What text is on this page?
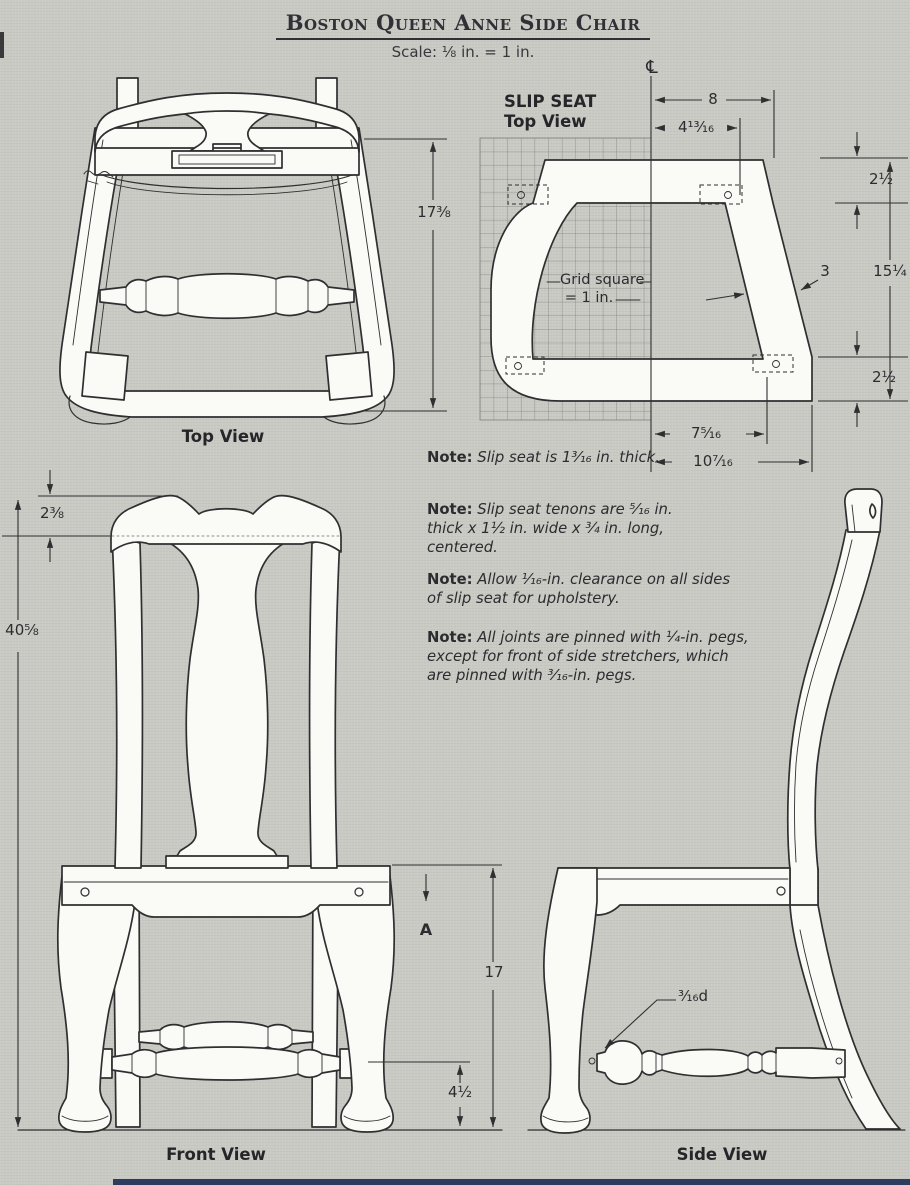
Boston Queen Anne Side Chair
Scale: ⅛ in. = 1 in.
Top View
17⅜
SLIP SEAT
Top View
℄
8
4¹³⁄₁₆
2½
3	15¼
2½
7⁵⁄₁₆
10⁷⁄₁₆
Grid square
= 1 in.
Note: Slip seat is 1³⁄₁₆ in. thick.
Note: Slip seat tenons are ⁵⁄₁₆ in. thick x 1½ in. wide x ¾ in. long, centered.
Note: Allow ¹⁄₁₆-in. clearance on all sides of slip seat for upholstery.
Note: All joints are pinned with ¼-in. pegs, except for front of side stretchers, which are pinned with ³⁄₁₆-in. pegs.
2⅜
40⅝
A
17
4½
Front View
³⁄₁₆d
Side View
